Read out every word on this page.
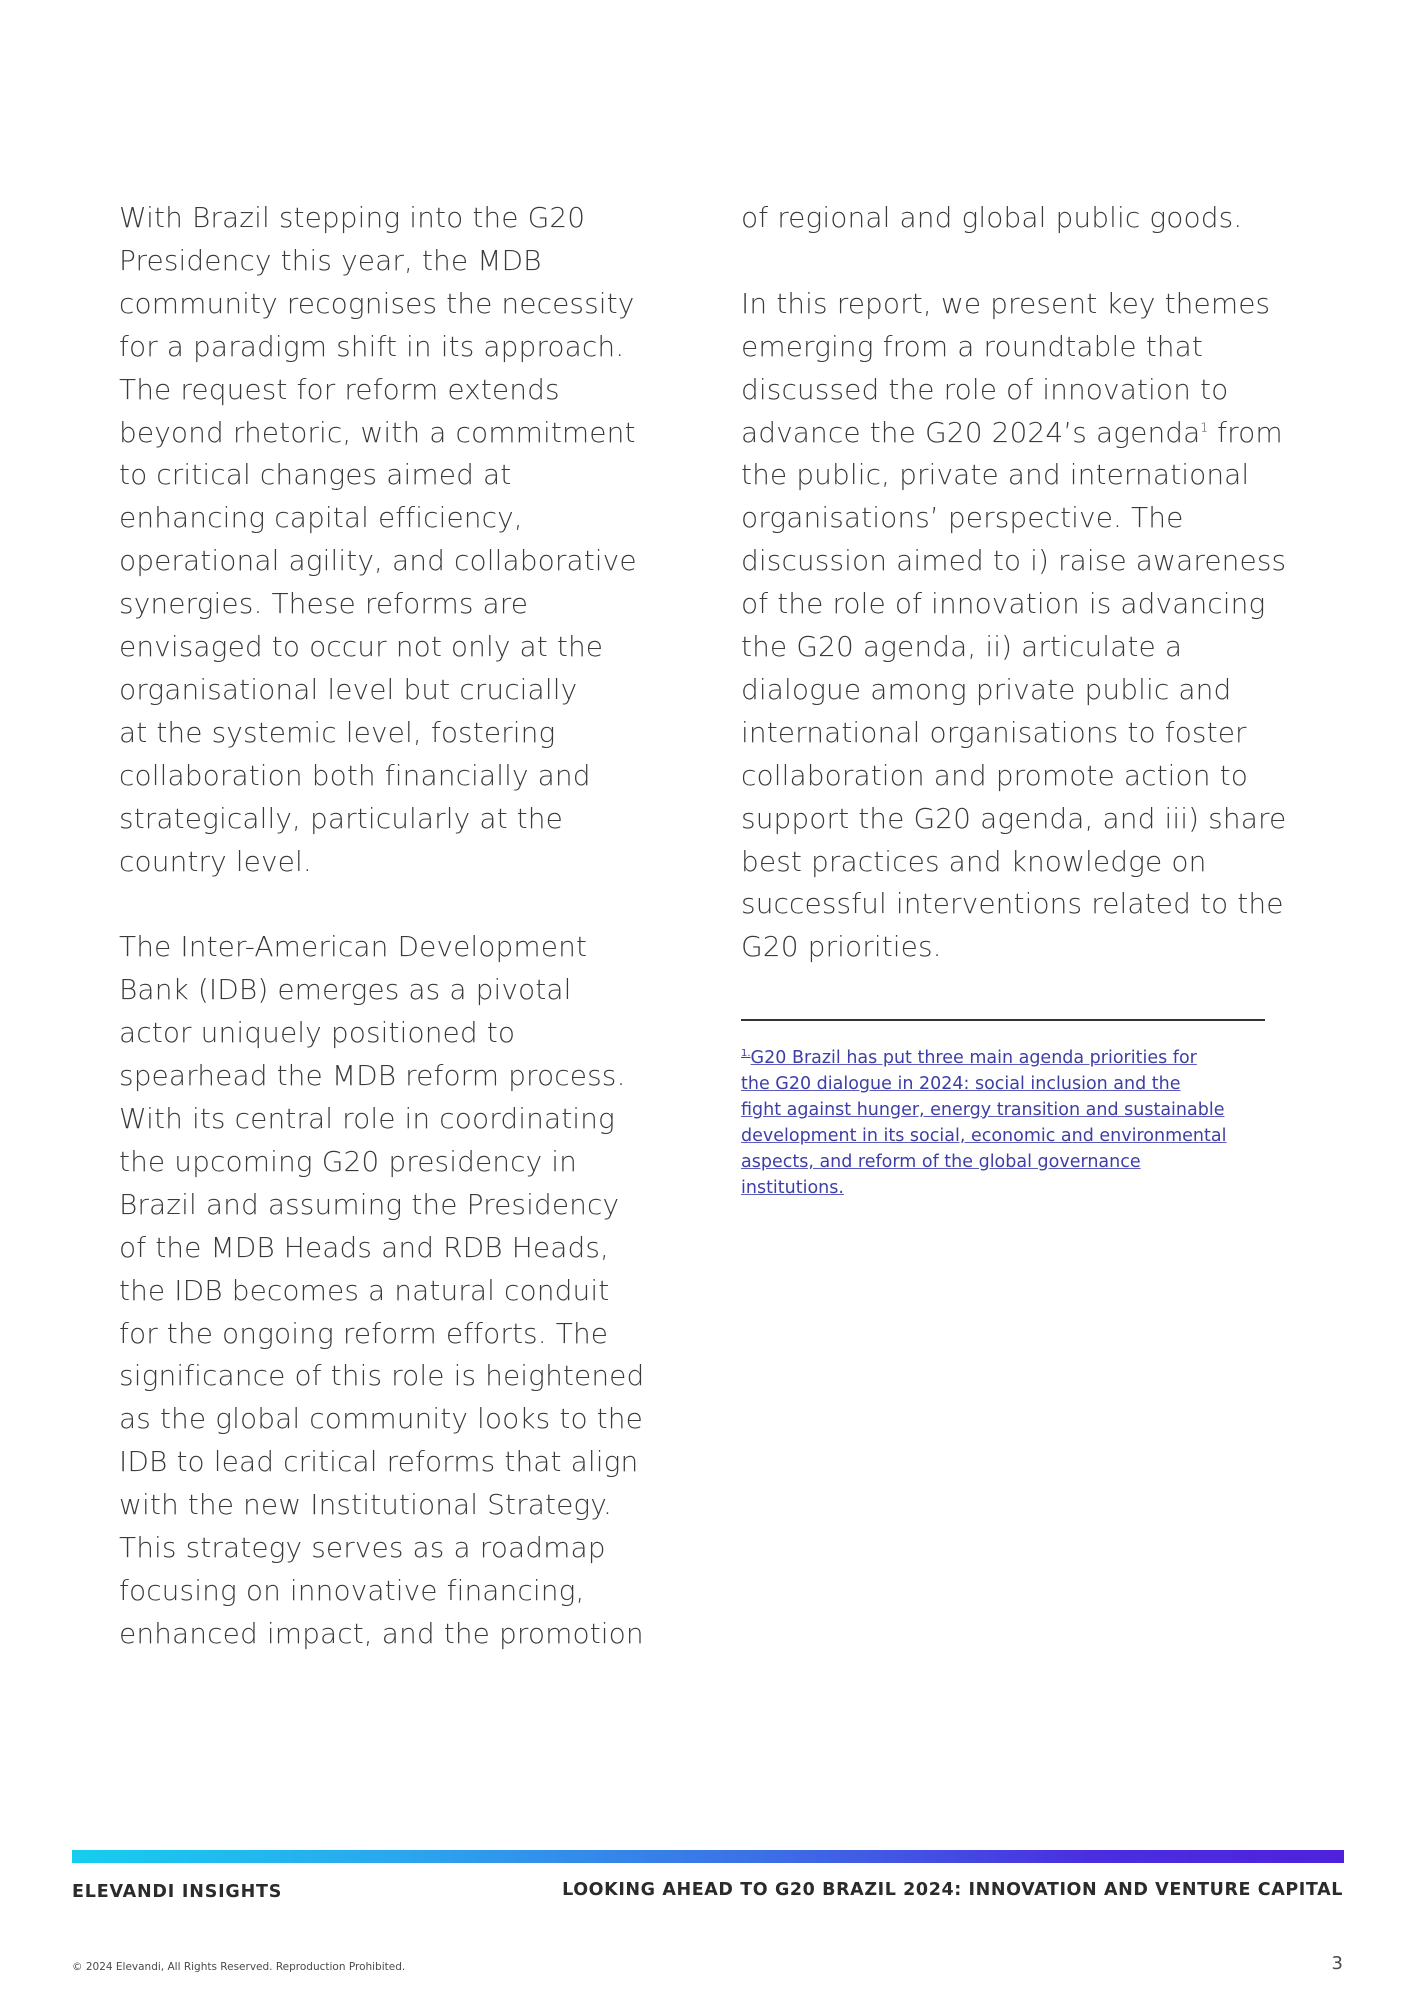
With Brazil stepping into the G20
Presidency this year, the MDB
community recognises the necessity
for a paradigm shift in its approach.
The request for reform extends
beyond rhetoric, with a commitment
to critical changes aimed at
enhancing capital efficiency,
operational agility, and collaborative
synergies. These reforms are
envisaged to occur not only at the
organisational level but crucially
at the systemic level, fostering
collaboration both financially and
strategically, particularly at the
country level.
The Inter-American Development
Bank (IDB) emerges as a pivotal
actor uniquely positioned to
spearhead the MDB reform process.
With its central role in coordinating
the upcoming G20 presidency in
Brazil and assuming the Presidency
of the MDB Heads and RDB Heads,
the IDB becomes a natural conduit
for the ongoing reform efforts. The
significance of this role is heightened
as the global community looks to the
IDB to lead critical reforms that align
with the new Institutional Strategy.
This strategy serves as a roadmap
focusing on innovative financing,
enhanced impact, and the promotion
of regional and global public goods.
In this report, we present key themes
emerging from a roundtable that
discussed the role of innovation to
advance the G20 2024’s agenda$^1$ from
the public, private and international
organisations’ perspective. The
discussion aimed to i) raise awareness
of the role of innovation is advancing
the G20 agenda, ii) articulate a
dialogue among private public and
international organisations to foster
collaboration and promote action to
support the G20 agenda, and iii) share
best practices and knowledge on
successful interventions related to the
G20 priorities.
$^{1.}$G20 Brazil has put three main agenda priorities for
the G20 dialogue in 2024: social inclusion and the
fight against hunger, energy transition and sustainable
development in its social, economic and environmental
aspects, and reform of the global governance
institutions.
ELEVANDI INSIGHTS	LOOKING AHEAD TO G20 BRAZIL 2024: INNOVATION AND VENTURE CAPITAL
© 2024 Elevandi, All Rights Reserved. Reproduction Prohibited.	3
